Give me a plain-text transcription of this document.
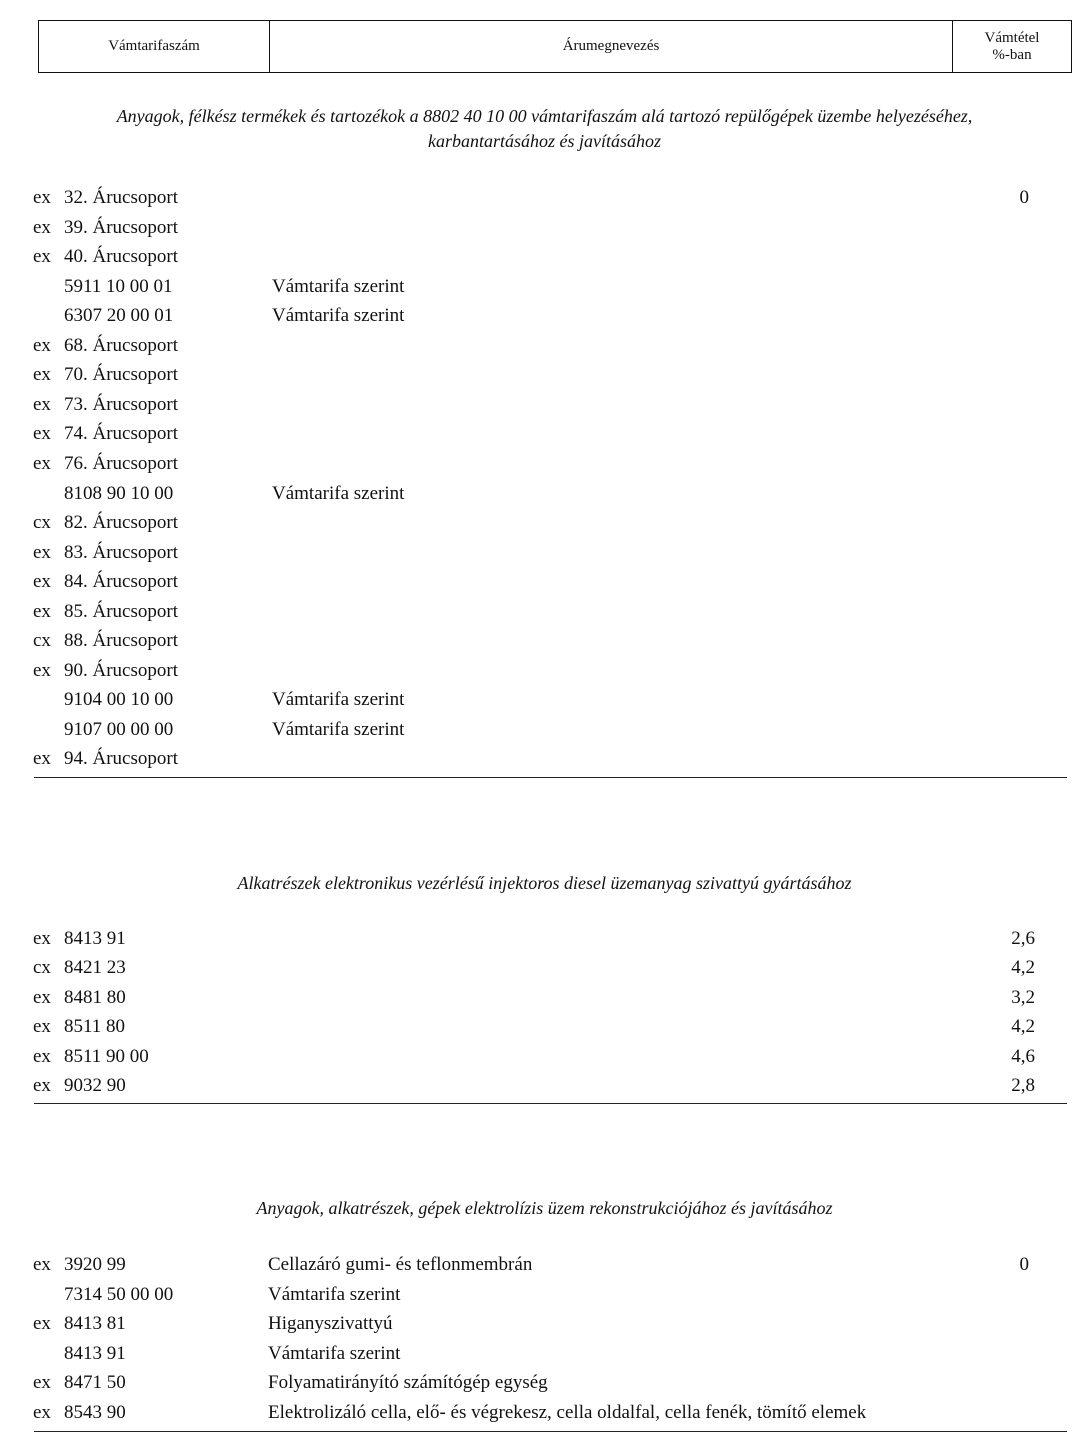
Vámtarifaszám	Árumegnevezés
Vámtétel
%-ban
Anyagok, félkész termékek és tartozékok a 8802 40 10 00 vámtarifaszám alá tartozó repülőgépek üzembe helyezéséhez,
karbantartásához és javításához
ex 32. Árucsoport	0
ex 39. Árucsoport
ex 40. Árucsoport
5911 10 00 01	Vámtarifa szerint
6307 20 00 01	Vámtarifa szerint
ex 68. Árucsoport
ex 70. Árucsoport
ex 73. Árucsoport
ex 74. Árucsoport
ex 76. Árucsoport
8108 90 10 00	Vámtarifa szerint
cx 82. Árucsoport
ex 83. Árucsoport
ex 84. Árucsoport
ex 85. Árucsoport
cx 88. Árucsoport
ex 90. Árucsoport
9104 00 10 00	Vámtarifa szerint
9107 00 00 00	Vámtarifa szerint
ex 94. Árucsoport
Alkatrészek elektronikus vezérlésű injektoros diesel üzemanyag szivattyú gyártásához
ex 8413 91	2,6
cx 8421 23	4,2
ex 8481 80	3,2
ex 8511 80	4,2
ex 8511 90 00	4,6
ex 9032 90	2,8
Anyagok, alkatrészek, gépek elektrolízis üzem rekonstrukciójához és javításához
ex 3920 99	Cellazáró gumi- és teflonmembrán	0
7314 50 00 00	Vámtarifa szerint
ex 8413 81	Higanyszivattyú
8413 91	Vámtarifa szerint
ex 8471 50	Folyamatirányító számítógép egység
ex 8543 90	Elektrolizáló cella, elő- és végrekesz, cella oldalfal, cella fenék, tömítő elemek
